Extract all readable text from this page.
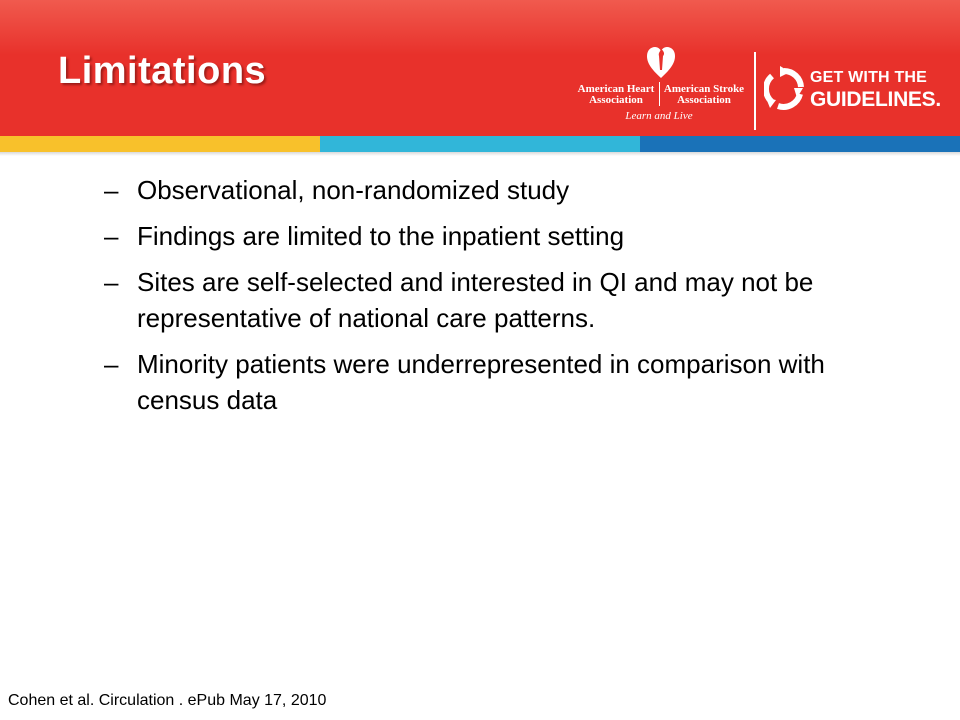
Limitations	American Heart Association
American Stroke Association
Learn and Live
GET WITH THE
GUIDELINES.
– Observational, non-randomized study
– Findings are limited to the inpatient setting
– Sites are self-selected and interested in QI and may not be representative of national care patterns.
– Minority patients were underrepresented in comparison with census data
Cohen et al. Circulation . ePub May 17, 2010
